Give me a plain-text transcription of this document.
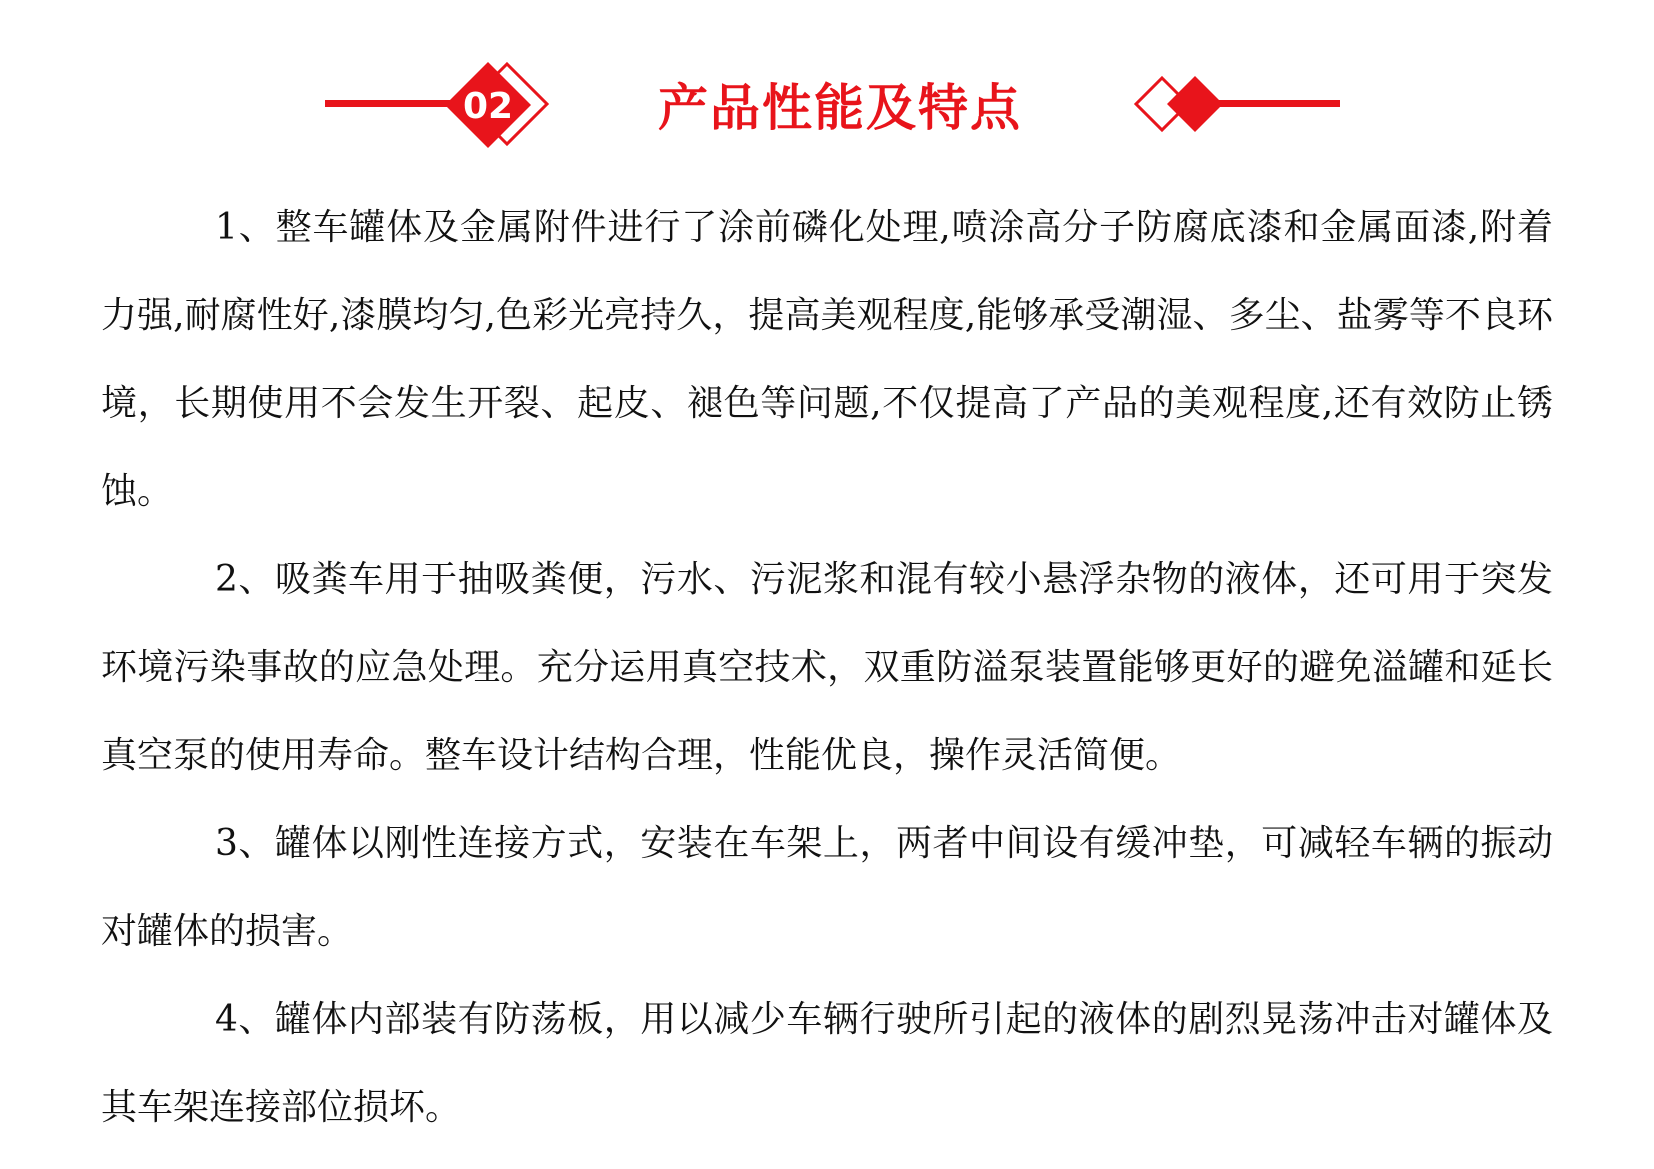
02	产品性能及特点

1、整车罐体及金属附件进行了涂前磷化处理,喷涂高分子防腐底漆和金属面漆,附着力强,耐腐性好,漆膜均匀,色彩光亮持久，提高美观程度,能够承受潮湿、多尘、盐雾等不良环境，长期使用不会发生开裂、起皮、褪色等问题,不仅提高了产品的美观程度,还有效防止锈蚀。

2、吸粪车用于抽吸粪便，污水、污泥浆和混有较小悬浮杂物的液体，还可用于突发环境污染事故的应急处理。充分运用真空技术，双重防溢泵装置能够更好的避免溢罐和延长真空泵的使用寿命。整车设计结构合理，性能优良，操作灵活简便。

3、罐体以刚性连接方式，安装在车架上，两者中间设有缓冲垫，可减轻车辆的振动对罐体的损害。

4、罐体内部装有防荡板，用以减少车辆行驶所引起的液体的剧烈晃荡冲击对罐体及其车架连接部位损坏。
